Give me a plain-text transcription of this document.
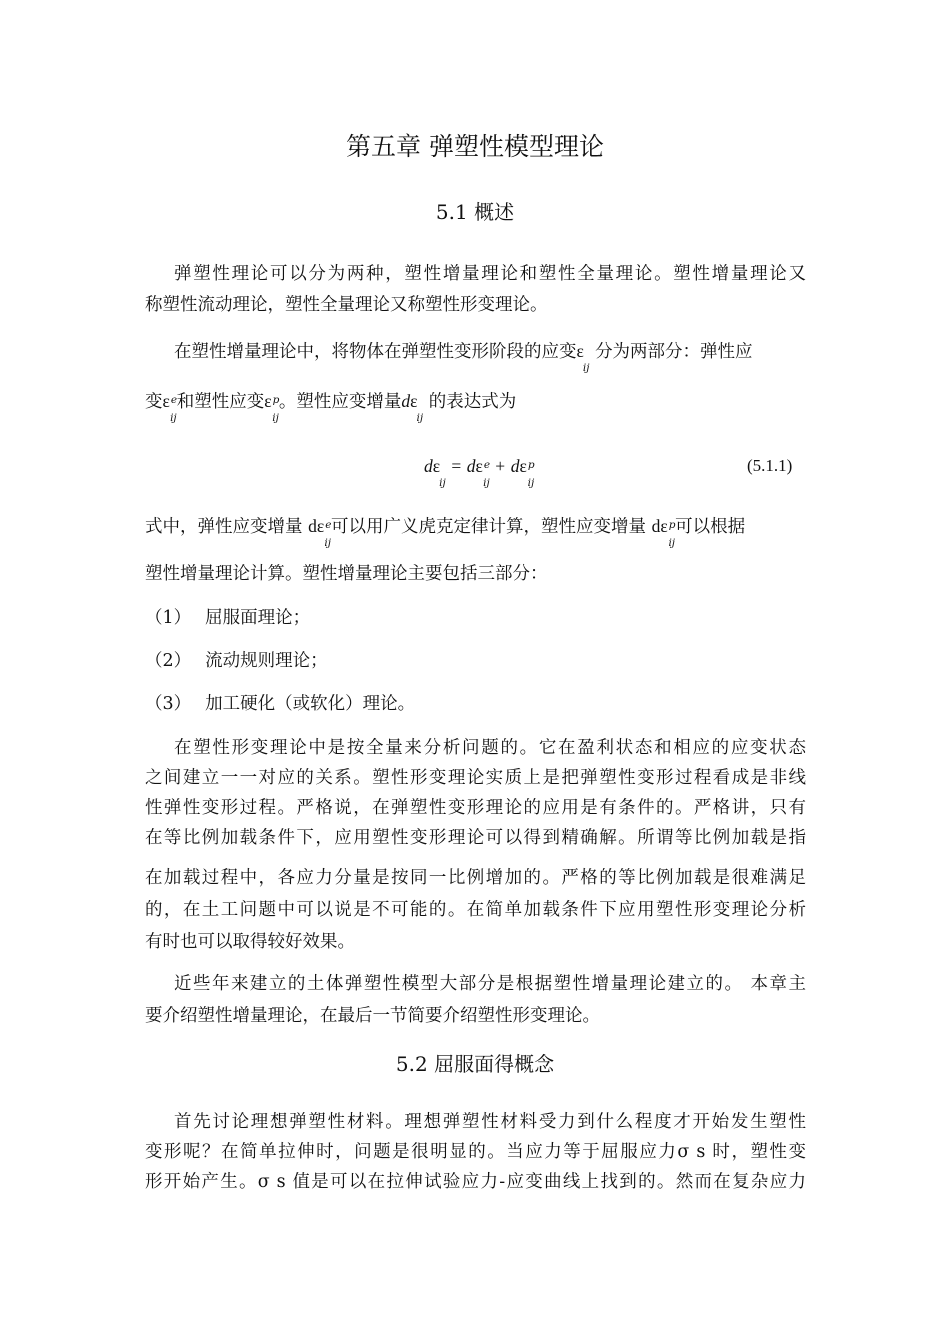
第五章 弹塑性模型理论
5.1 概述
弹塑性理论可以分为两种，塑性增量理论和塑性全量理论。塑性增量理论又
称塑性流动理论，塑性全量理论又称塑性形变理论。
在塑性增量理论中，将物体在弹塑性变形阶段的应变$\varepsilon_{ij}$ 分为两部分：弹性应
变$\varepsilon^e_{ij}$和塑性应变$\varepsilon^p_{ij}$。塑性应变增量$d\varepsilon_{ij}$ 的表达式为
$d\varepsilon_{ij} = d\varepsilon^e_{ij} + d\varepsilon^p_{ij}$
(5.1.1)
式中，弹性应变增量 $d\varepsilon^e_{ij}$可以用广义虎克定律计算，塑性应变增量 $d\varepsilon^p_{ij}$可以根据
塑性增量理论计算。塑性增量理论主要包括三部分：
（1） 屈服面理论；
（2） 流动规则理论；
（3） 加工硬化（或软化）理论。
在塑性形变理论中是按全量来分析问题的。它在盈利状态和相应的应变状态
之间建立一一对应的关系。塑性形变理论实质上是把弹塑性变形过程看成是非线
性弹性变形过程。严格说，在弹塑性变形理论的应用是有条件的。严格讲，只有
在等比例加载条件下，应用塑性变形理论可以得到精确解。所谓等比例加载是指
在加载过程中，各应力分量是按同一比例增加的。严格的等比例加载是很难满足
的，在土工问题中可以说是不可能的。在简单加载条件下应用塑性形变理论分析
有时也可以取得较好效果。
近些年来建立的土体弹塑性模型大部分是根据塑性增量理论建立的。 本章主
要介绍塑性增量理论，在最后一节简要介绍塑性形变理论。
5.2 屈服面得概念
首先讨论理想弹塑性材料。理想弹塑性材料受力到什么程度才开始发生塑性
变形呢？在简单拉伸时，问题是很明显的。当应力等于屈服应力σ s 时，塑性变
形开始产生。σ s 值是可以在拉伸试验应力-应变曲线上找到的。然而在复杂应力
